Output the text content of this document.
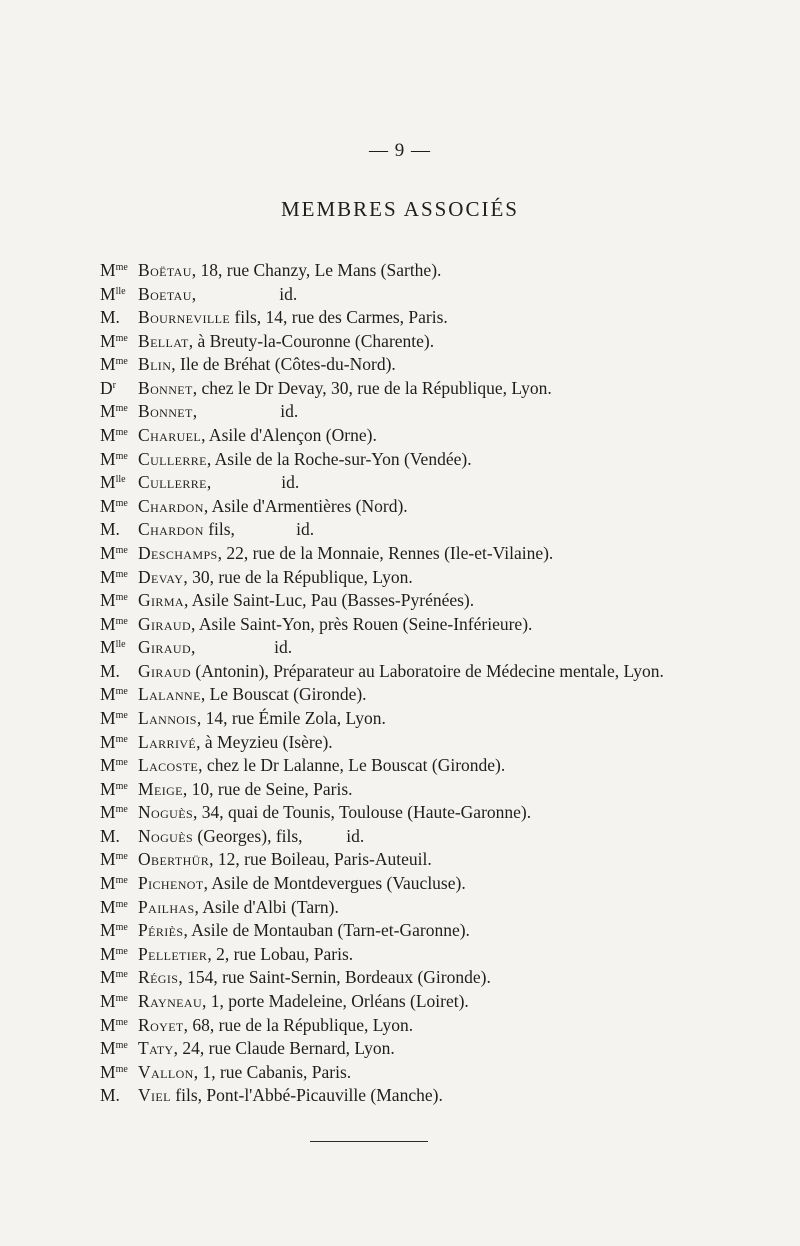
— 9 —
MEMBRES ASSOCIÉS
$M^{me}$ Boëtau, 18, rue Chanzy, Le Mans (Sarthe).
$M^{lle}$ Boetau,                   id.
M. Bourneville fils, 14, rue des Carmes, Paris.
$M^{me}$ Bellat, à Breuty-la-Couronne (Charente).
$M^{me}$ Blin, Ile de Bréhat (Côtes-du-Nord).
$D^r$ Bonnet, chez le Dr Devay, 30, rue de la République, Lyon.
$M^{me}$ Bonnet,                   id.
$M^{me}$ Charuel, Asile d'Alençon (Orne).
$M^{me}$ Cullerre, Asile de la Roche-sur-Yon (Vendée).
$M^{lle}$ Cullerre,                id.
$M^{me}$ Chardon, Asile d'Armentières (Nord).
M. Chardon fils,              id.
$M^{me}$ Deschamps, 22, rue de la Monnaie, Rennes (Ile-et-Vilaine).
$M^{me}$ Devay, 30, rue de la République, Lyon.
$M^{me}$ Girma, Asile Saint-Luc, Pau (Basses-Pyrénées).
$M^{me}$ Giraud, Asile Saint-Yon, près Rouen (Seine-Inférieure).
$M^{lle}$ Giraud,                  id.
M. Giraud (Antonin), Préparateur au Laboratoire de Médecine mentale, Lyon.
$M^{me}$ Lalanne, Le Bouscat (Gironde).
$M^{me}$ Lannois, 14, rue Émile Zola, Lyon.
$M^{me}$ Larrivé, à Meyzieu (Isère).
$M^{me}$ Lacoste, chez le Dr Lalanne, Le Bouscat (Gironde).
$M^{me}$ Meige, 10, rue de Seine, Paris.
$M^{me}$ Noguès, 34, quai de Tounis, Toulouse (Haute-Garonne).
M. Noguès (Georges), fils,          id.
$M^{me}$ Oberthür, 12, rue Boileau, Paris-Auteuil.
$M^{me}$ Pichenot, Asile de Montdevergues (Vaucluse).
$M^{me}$ Pailhas, Asile d'Albi (Tarn).
$M^{me}$ Périès, Asile de Montauban (Tarn-et-Garonne).
$M^{me}$ Pelletier, 2, rue Lobau, Paris.
$M^{me}$ Régis, 154, rue Saint-Sernin, Bordeaux (Gironde).
$M^{me}$ Rayneau, 1, porte Madeleine, Orléans (Loiret).
$M^{me}$ Royet, 68, rue de la République, Lyon.
$M^{me}$ Taty, 24, rue Claude Bernard, Lyon.
$M^{me}$ Vallon, 1, rue Cabanis, Paris.
M. Viel fils, Pont-l'Abbé-Picauville (Manche).
